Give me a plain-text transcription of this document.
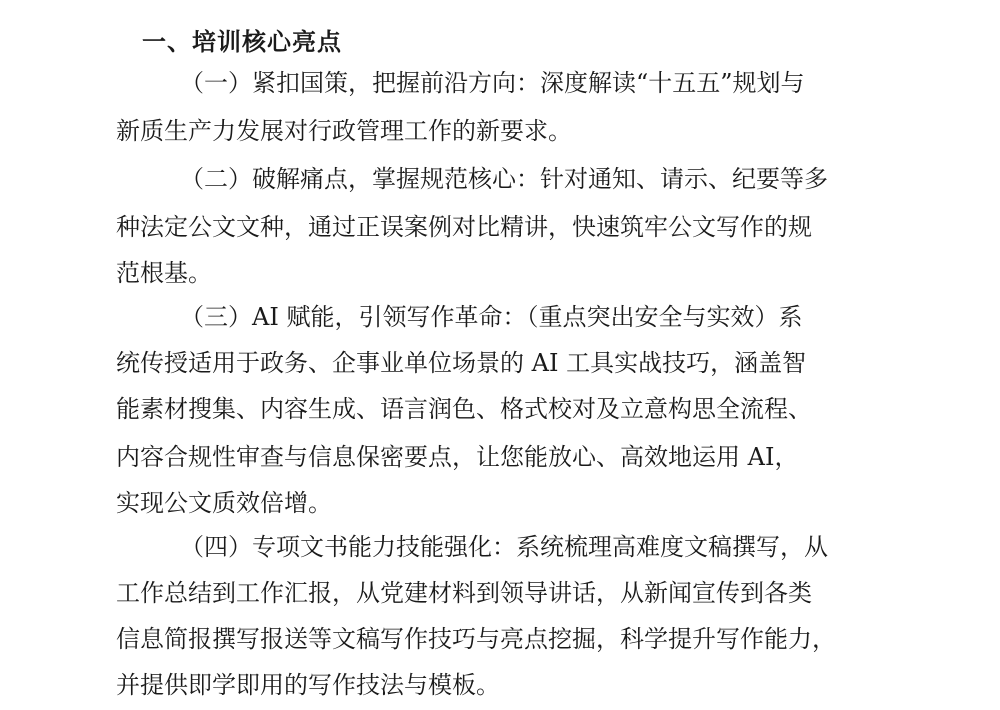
一、培训核心亮点
（一）紧扣国策，把握前沿方向：深度解读“十五五”规划与
新质生产力发展对行政管理工作的新要求。
（二）破解痛点，掌握规范核心：针对通知、请示、纪要等多
种法定公文文种，通过正误案例对比精讲，快速筑牢公文写作的规
范根基。
（三）AI 赋能，引领写作革命：（重点突出安全与实效）系
统传授适用于政务、企事业单位场景的 AI 工具实战技巧，涵盖智
能素材搜集、内容生成、语言润色、格式校对及立意构思全流程、
内容合规性审查与信息保密要点，让您能放心、高效地运用 AI，
实现公文质效倍增。
（四）专项文书能力技能强化：系统梳理高难度文稿撰写，从
工作总结到工作汇报，从党建材料到领导讲话，从新闻宣传到各类
信息简报撰写报送等文稿写作技巧与亮点挖掘，科学提升写作能力，
并提供即学即用的写作技法与模板。
